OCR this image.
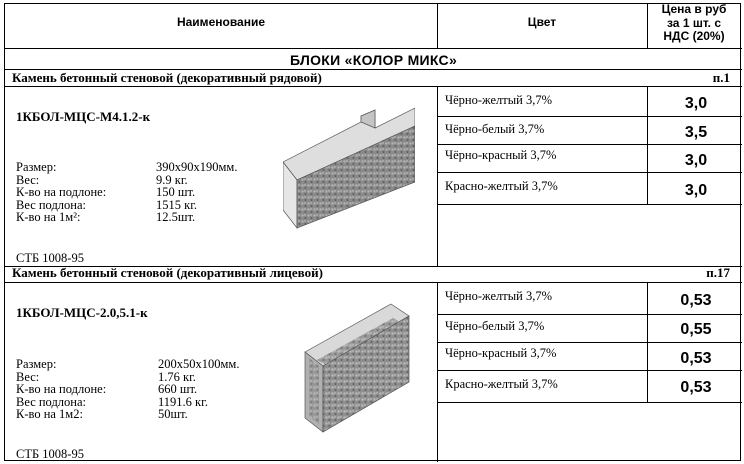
Наименование	Цвет
Цена в руб
за 1 шт. с
НДС (20%)
БЛОКИ «КОЛОР МИКС»
Камень бетонный стеновой (декоративный рядовой)	п.1
1КБОЛ-МЦС-М4.1.2-к
Размер:	390х90х190мм.
Вес:	9.9 кг.
К-во на подлоне:	150 шт.
Вес подлона:	1515 кг.
К-во на 1м²:	12.5шт.
СТБ 1008-95
Камень бетонный стеновой (декоративный лицевой)	п.17
1КБОЛ-МЦС-2.0,5.1-к
Размер:	200х50х100мм.
Вес:	1.76 кг.
К-во на подлоне:	660 шт.
Вес подлона:	1191.6 кг.
К-во на 1м2:	50шт.
СТБ 1008-95
Чёрно-желтый 3,7%	3,0
Чёрно-белый 3,7%	3,5
Чёрно-красный 3,7%	3,0
Красно-желтый 3,7%	3,0
Чёрно-желтый 3,7%	0,53
Чёрно-белый 3,7%	0,55
Чёрно-красный 3,7%	0,53
Красно-желтый 3,7%	0,53
